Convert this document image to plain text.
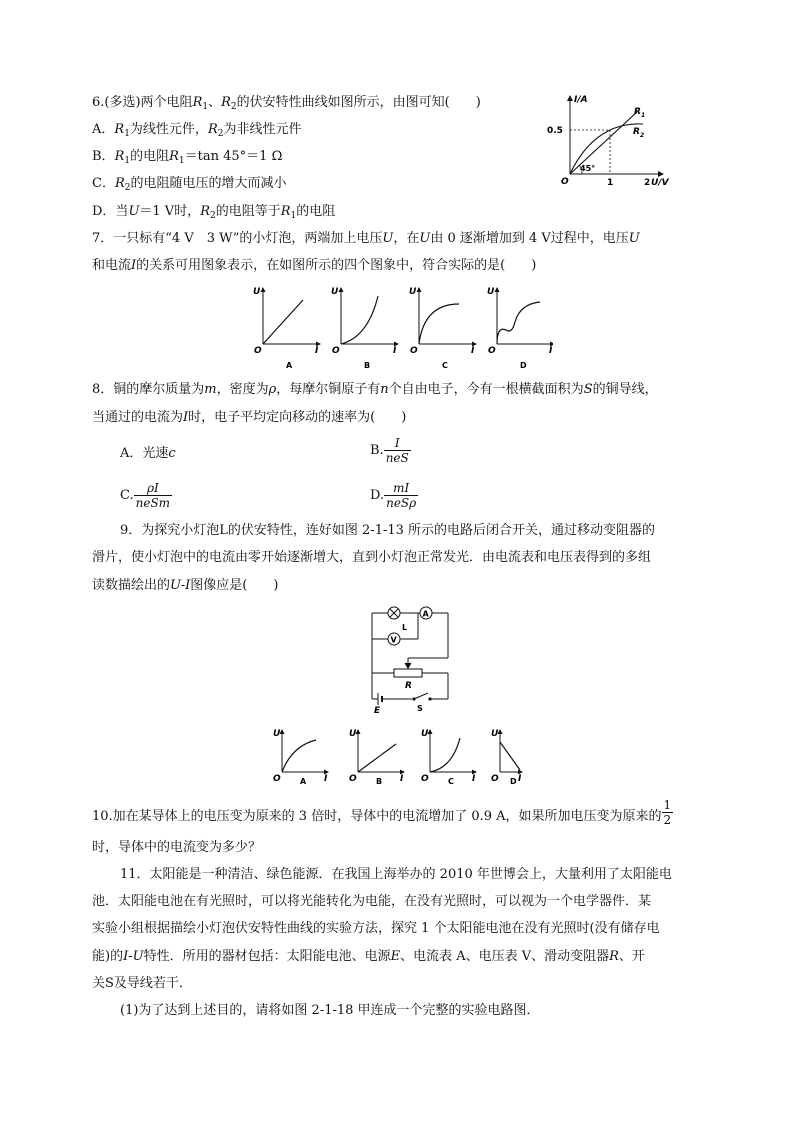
6.(多选)两个电阻$R_1$、$R_2$的伏安特性曲线如图所示，由图可知(　　)
A．$R_1$为线性元件，$R_2$为非线性元件
B．$R_1$的电阻$R_1=\tan$ 45°＝1 Ω
C．$R_2$的电阻随电压的增大而减小
D．当U＝1 V时，$R_2$的电阻等于$R_1$的电阻
I/A
0.5
O	1	2 U/V
45°
$R_1$
$R_2$
7．一只标有“4 V　3 W”的小灯泡，两端加上电压U，在U由 0 逐渐增加到 4 V过程中，电压U
和电流I的关系可用图象表示，在如图所示的四个图象中，符合实际的是(　　)
U
O	I
A
U
O	I
B
U
O	I
C
U
O	I
D
8．铜的摩尔质量为m，密度为ρ，每摩尔铜原子有n个自由电子，今有一根横截面积为S的铜导线，
当通过的电流为I时，电子平均定向移动的速率为(　　)
A．光速c	B. $\frac{I}{\text{neS}}$
C. $\frac{\rho I}{\text{neSm}}$	D. $\frac{mI}{\text{neSρ}}$
9．为探究小灯泡L的伏安特性，连好如图 2-1-13 所示的电路后闭合开关，通过移动变阻器的
滑片，使小灯泡中的电流由零开始逐渐增大，直到小灯泡正常发光．由电流表和电压表得到的多组
读数描绘出的U-I图像应是(　　)
A
L
V
R
E	S
U
O	I
A
U
O	I
B
U
O	I
C
U
O I
D
10.加在某导体上的电压变为原来的 3 倍时，导体中的电流增加了 0.9 A，如果所加电压变为原来的 $\frac{1}{2}$
时，导体中的电流变为多少？
11．太阳能是一种清洁、绿色能源．在我国上海举办的 2010 年世博会上，大量利用了太阳能电
池．太阳能电池在有光照时，可以将光能转化为电能，在没有光照时，可以视为一个电学器件．某
实验小组根据描绘小灯泡伏安特性曲线的实验方法，探究 1 个太阳能电池在没有光照时(没有储存电
能)的I-U特性．所用的器材包括：太阳能电池、电源E、电流表 A、电压表 V、滑动变阻器R、开
关S及导线若干．
(1)为了达到上述目的，请将如图 2-1-18 甲连成一个完整的实验电路图．
